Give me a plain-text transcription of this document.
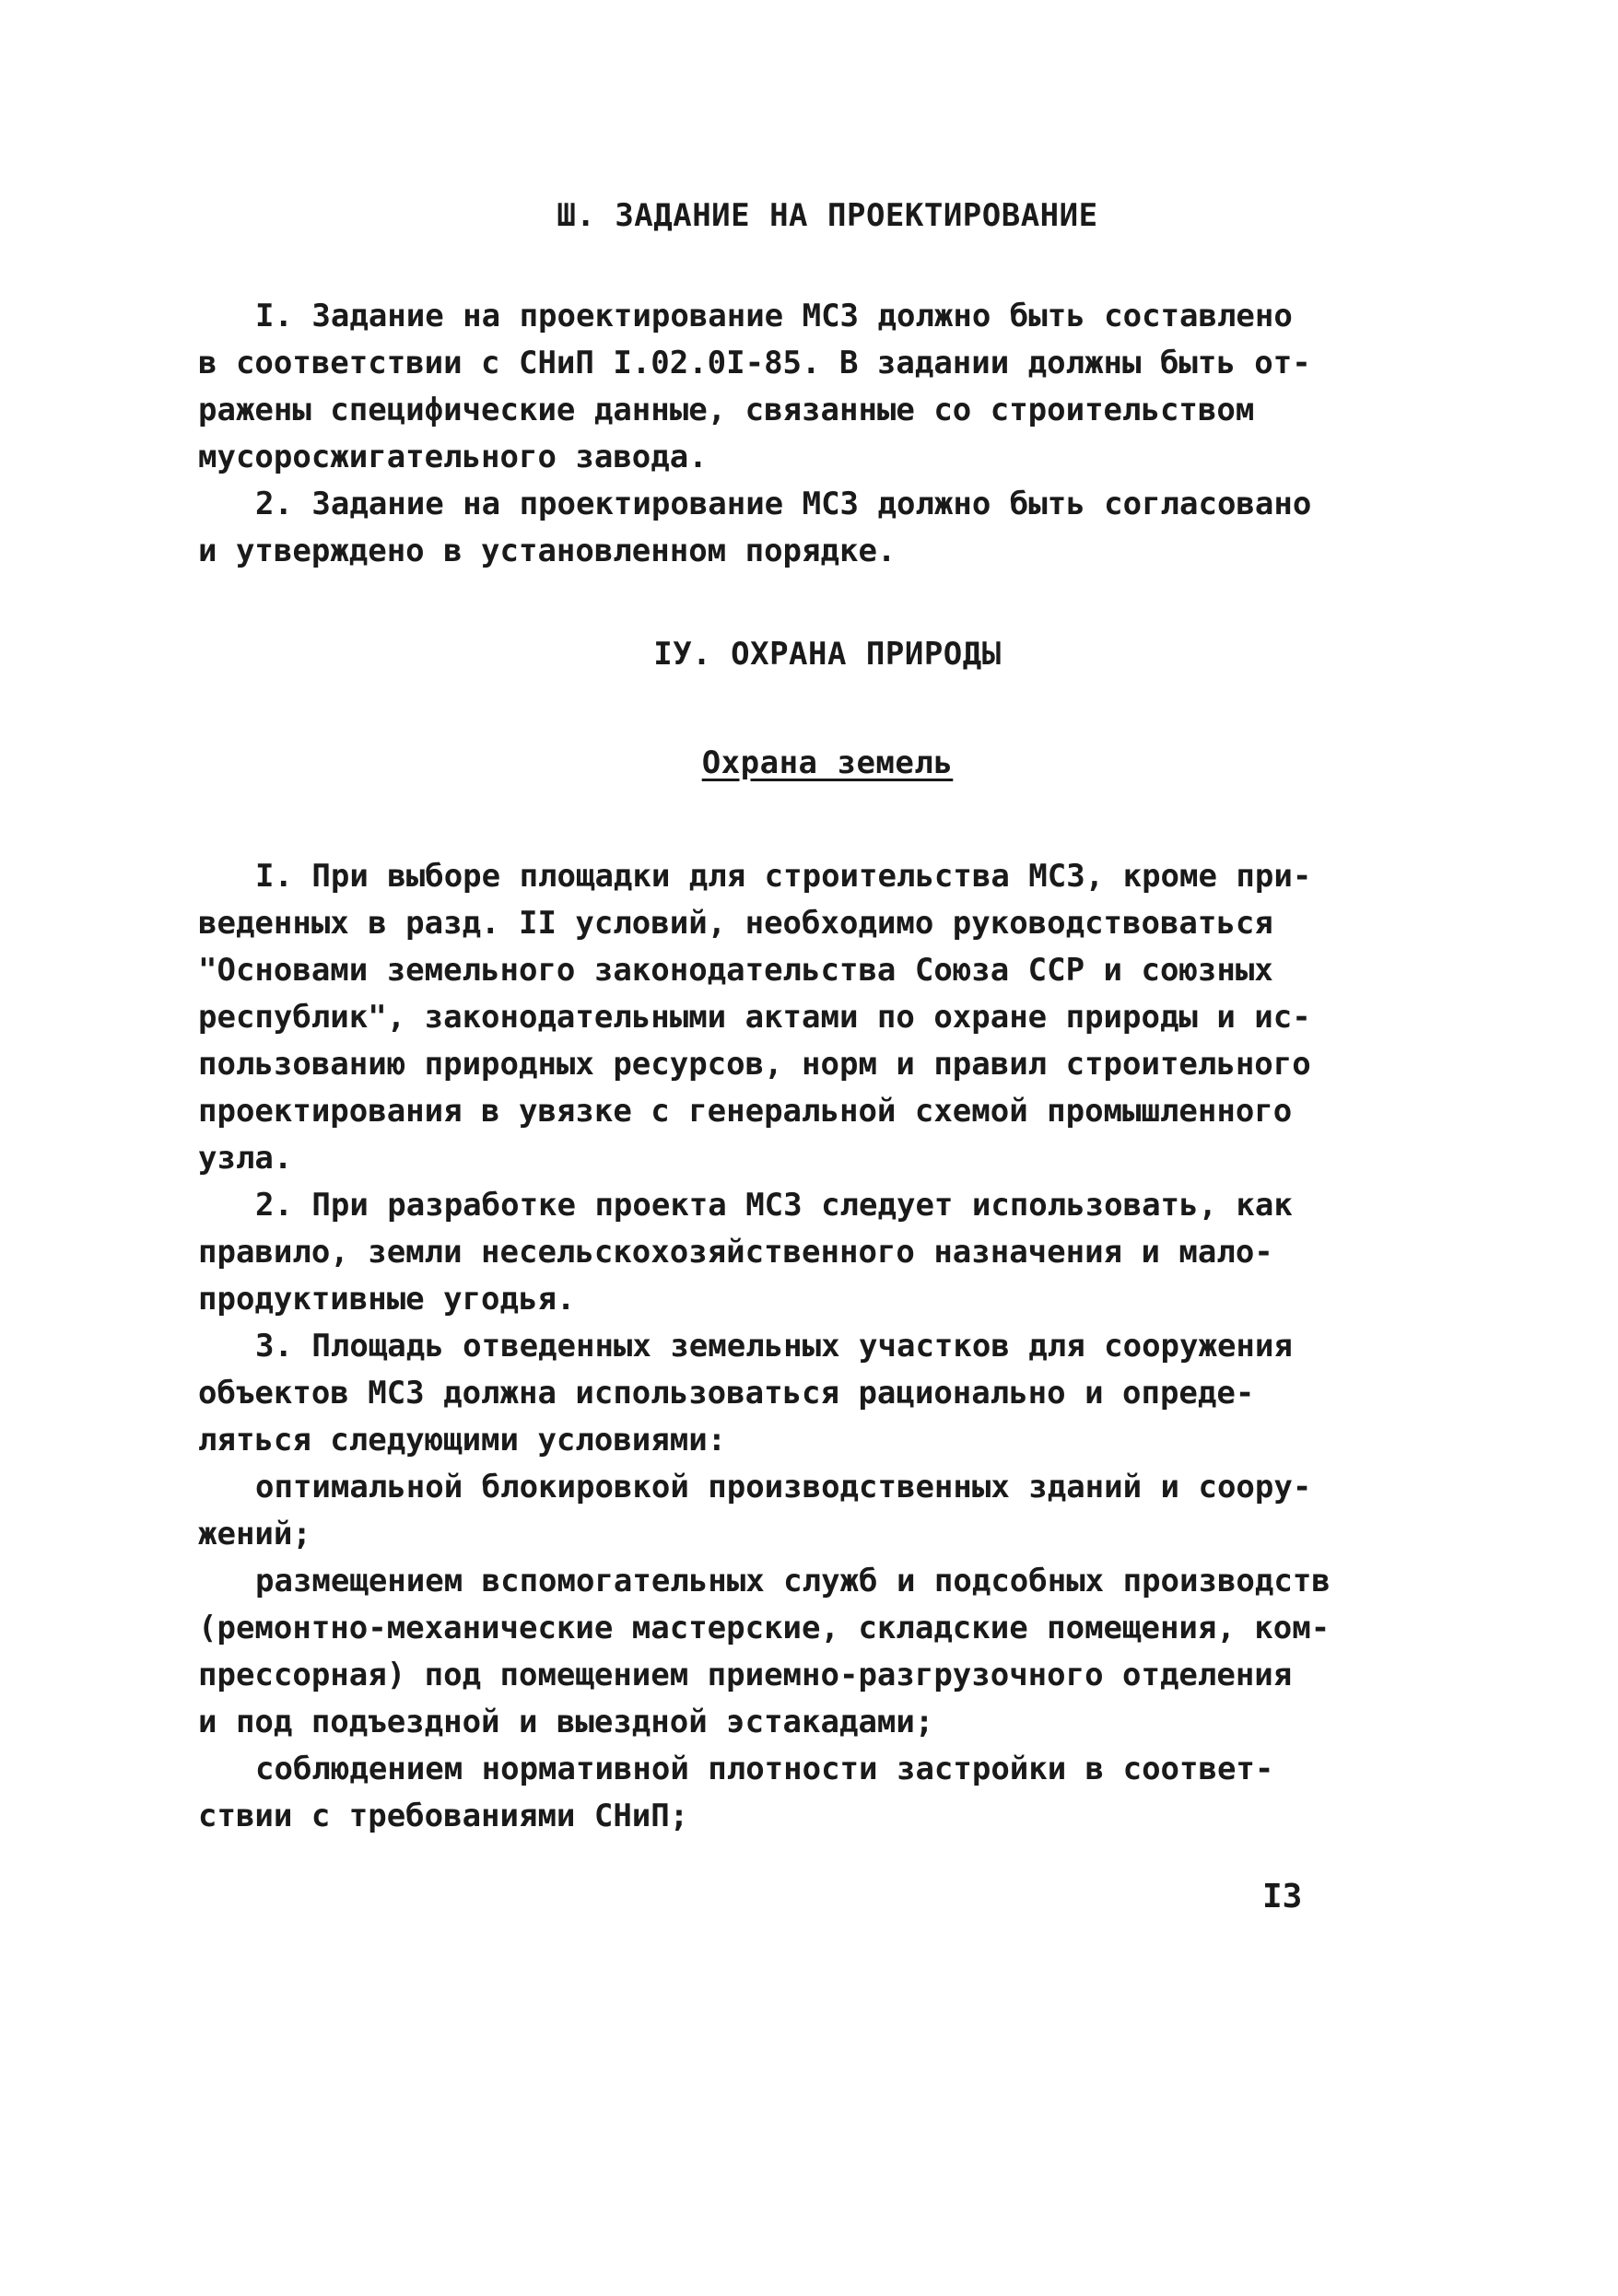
Ш. ЗАДАНИЕ НА ПРОЕКТИРОВАНИЕ

I. Задание на проектирование МСЗ должно быть составлено
в соответствии с СНиП I.02.0I-85. В задании должны быть от-
ражены специфические данные, связанные со строительством
мусоросжигательного завода.

2. Задание на проектирование МСЗ должно быть согласовано
и утверждено в установленном порядке.

IУ. ОХРАНА ПРИРОДЫ
Охрана земель

I. При выборе площадки для строительства МСЗ, кроме при-
веденных в разд. II условий, необходимо руководствоваться
"Основами земельного законодательства Союза ССР и союзных
республик", законодательными актами по охране природы и ис-
пользованию природных ресурсов, норм и правил строительного
проектирования в увязке с генеральной схемой промышленного
узла.

2. При разработке проекта МСЗ следует использовать, как
правило, земли несельскохозяйственного назначения и мало-
продуктивные угодья.

3. Площадь отведенных земельных участков для сооружения
объектов МСЗ должна использоваться рационально и опреде-
ляться следующими условиями:

оптимальной блокировкой производственных зданий и соору-
жений;

размещением вспомогательных служб и подсобных производств
(ремонтно-механические мастерские, складские помещения, ком-
прессорная) под помещением приемно-разгрузочного отделения
и под подъездной и выездной эстакадами;

соблюдением нормативной плотности застройки в соответ-
ствии с требованиями СНиП;

I3
